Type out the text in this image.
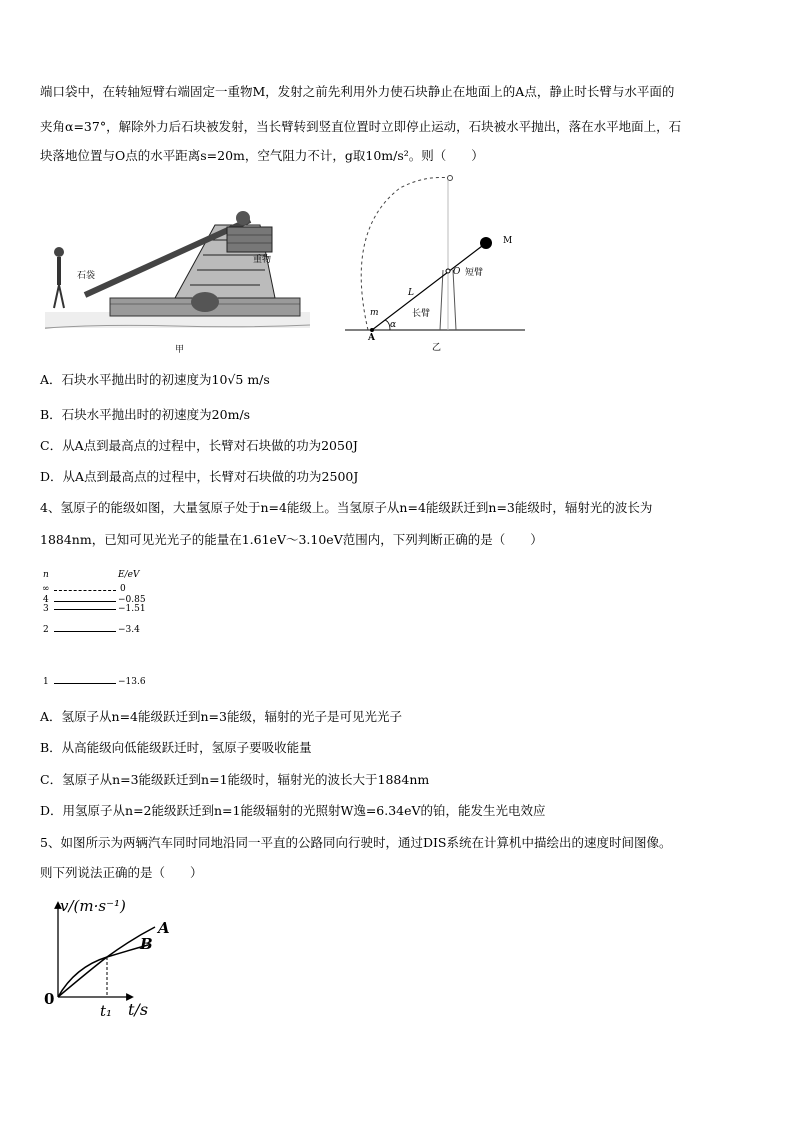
端口袋中，在转轴短臂右端固定一重物M，发射之前先利用外力使石块静止在地面上的A点，静止时长臂与水平面的
夹角α=37°，解除外力后石块被发射，当长臂转到竖直位置时立即停止运动，石块被水平抛出，落在水平地面上，石
块落地位置与O点的水平距离s=20m，空气阻力不计，g取10m/s²。则（　　）
石袋
重物
甲
M
O 短臂
L
长臂
m
α
A
乙
A．石块水平抛出时的初速度为10√5 m/s
B．石块水平抛出时的初速度为20m/s
C．从A点到最高点的过程中，长臂对石块做的功为2050J
D．从A点到最高点的过程中，长臂对石块做的功为2500J
4、氢原子的能级如图，大量氢原子处于n=4能级上。当氢原子从n=4能级跃迁到n=3能级时，辐射光的波长为
1884nm，已知可见光光子的能量在1.61eV～3.10eV范围内，下列判断正确的是（　　）
n	E/eV
∞	0
4	−0.85
3	−1.51
2	−3.4
1	−13.6
A．氢原子从n=4能级跃迁到n=3能级，辐射的光子是可见光光子
B．从高能级向低能级跃迁时，氢原子要吸收能量
C．氢原子从n=3能级跃迁到n=1能级时，辐射光的波长大于1884nm
D．用氢原子从n=2能级跃迁到n=1能级辐射的光照射W逸=6.34eV的铂，能发生光电效应
5、如图所示为两辆汽车同时同地沿同一平直的公路同向行驶时，通过DIS系统在计算机中描绘出的速度时间图像。
则下列说法正确的是（　　）
v/(m·s⁻¹)
t/s
0
t₁
A
B
